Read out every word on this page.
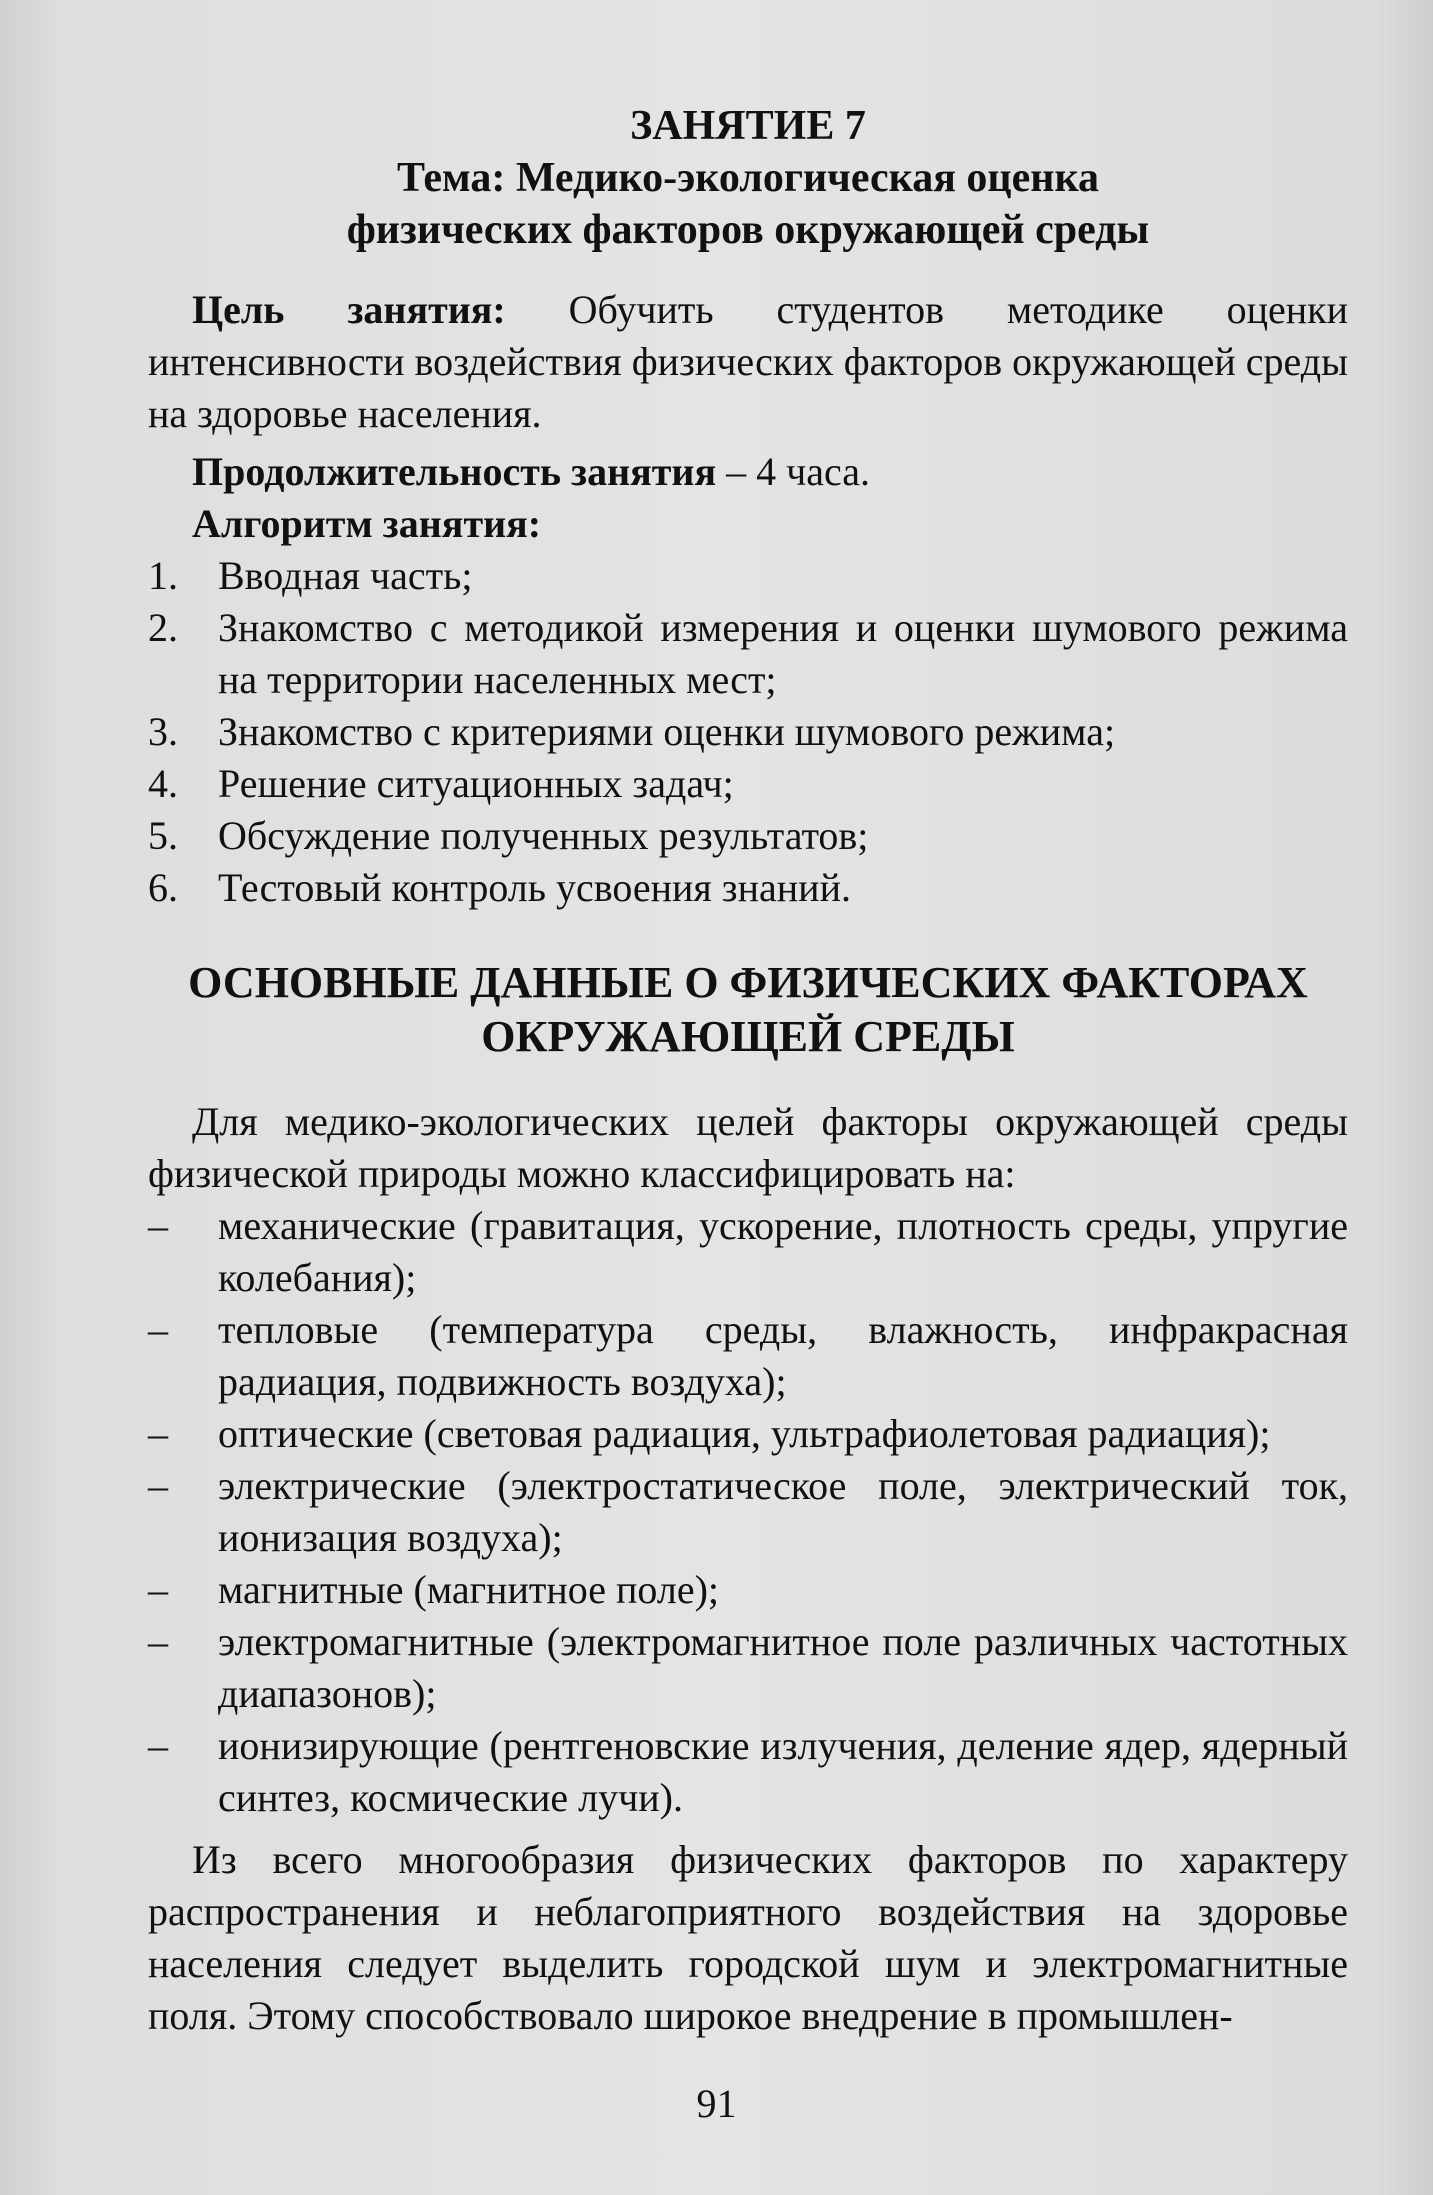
ЗАНЯТИЕ 7
Тема: Медико-экологическая оценка
физических факторов окружающей среды

Цель занятия: Обучить студентов методике оценки интенсивности воздействия физических факторов окружающей среды на здоровье населения.

Продолжительность занятия – 4 часа.

Алгоритм занятия:

1.	Вводная часть;
2.	Знакомство с методикой измерения и оценки шумового режима на территории населенных мест;
3.	Знакомство с критериями оценки шумового режима;
4.	Решение ситуационных задач;
5.	Обсуждение полученных результатов;
6.	Тестовый контроль усвоения знаний.
ОСНОВНЫЕ ДАННЫЕ О ФИЗИЧЕСКИХ ФАКТОРАХ
ОКРУЖАЮЩЕЙ СРЕДЫ

Для медико-экологических целей факторы окружающей среды физической природы можно классифицировать на:

–	механические (гравитация, ускорение, плотность среды, упругие колебания);
–	тепловые (температура среды, влажность, инфракрасная радиация, подвижность воздуха);
–	оптические (световая радиация, ультрафиолетовая радиация);
–	электрические (электростатическое поле, электрический ток, ионизация воздуха);
–	магнитные (магнитное поле);
–	электромагнитные (электромагнитное поле различных частотных диапазонов);
–	ионизирующие (рентгеновские излучения, деление ядер, ядерный синтез, космические лучи).

Из всего многообразия физических факторов по характеру распространения и неблагоприятного воздействия на здоровье населения следует выделить городской шум и электромагнитные поля. Этому способствовало широкое внедрение в промышлен-

91
